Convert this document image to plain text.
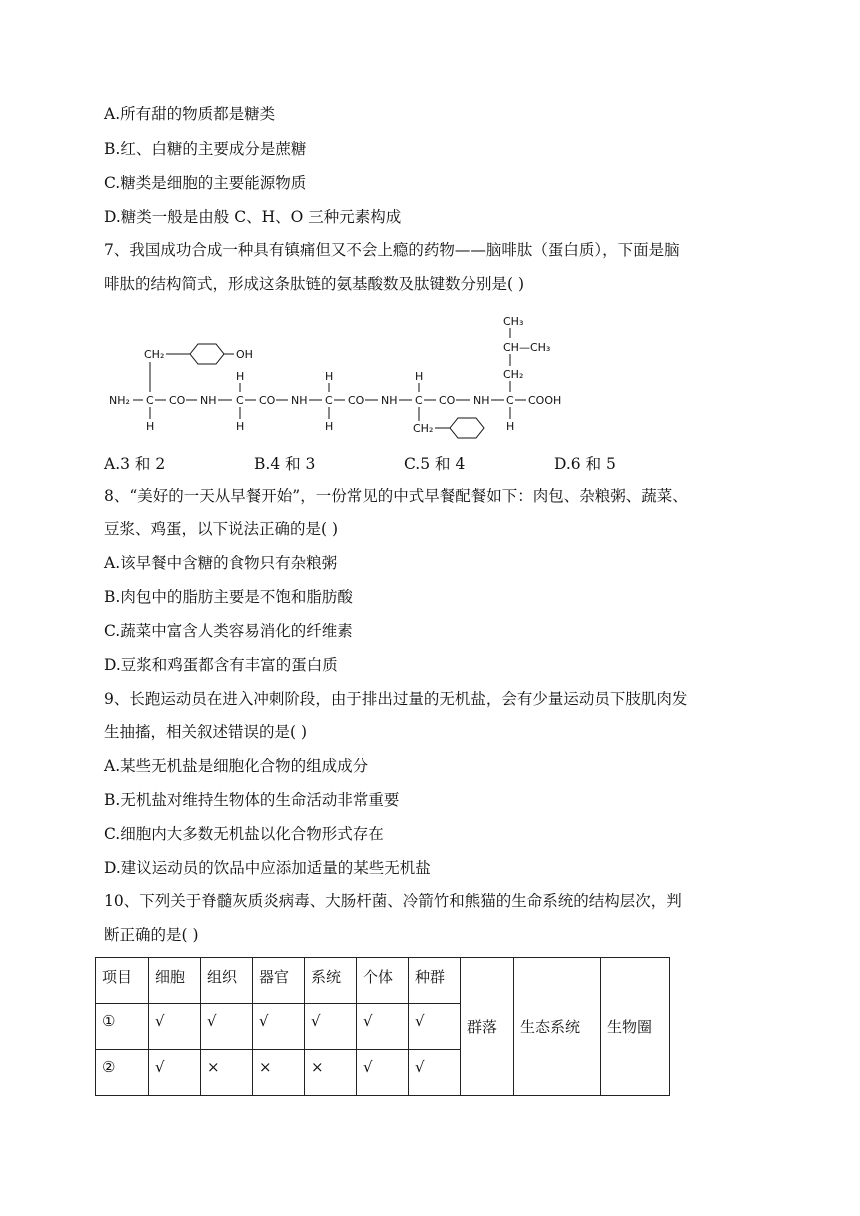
A.所有甜的物质都是糖类
B.红、白糖的主要成分是蔗糖
C.糖类是细胞的主要能源物质
D.糖类一般是由般 C、H、O 三种元素构成
7、我国成功合成一种具有镇痛但又不会上瘾的药物——脑啡肽（蛋白质），下面是脑
啡肽的结构简式，形成这条肽链的氨基酸数及肽键数分别是( )
NH₂ C CO NH C CO NH C CO NH C CO NH C COOH
CH₂	OH
H
H
H
H
H
H
CH₂
CH₃
CH—CH₃
CH₂
H
A.3 和 2	B.4 和 3	C.5 和 4	D.6 和 5
8、“美好的一天从早餐开始”，一份常见的中式早餐配餐如下：肉包、杂粮粥、蔬菜、
豆浆、鸡蛋，以下说法正确的是( )
A.该早餐中含糖的食物只有杂粮粥
B.肉包中的脂肪主要是不饱和脂肪酸
C.蔬菜中富含人类容易消化的纤维素
D.豆浆和鸡蛋都含有丰富的蛋白质
9、长跑运动员在进入冲刺阶段，由于排出过量的无机盐，会有少量运动员下肢肌肉发
生抽搐，相关叙述错误的是( )
A.某些无机盐是细胞化合物的组成成分
B.无机盐对维持生物体的生命活动非常重要
C.细胞内大多数无机盐以化合物形式存在
D.建议运动员的饮品中应添加适量的某些无机盐
10、下列关于脊髓灰质炎病毒、大肠杆菌、冷箭竹和熊猫的生命系统的结构层次，判
断正确的是( )
项目	细胞	组织	器官	系统	个体	种群	群落	生态系统	生物圈
①	√	√	√	√	√	√			
②	√	×	×	×	√	√			
